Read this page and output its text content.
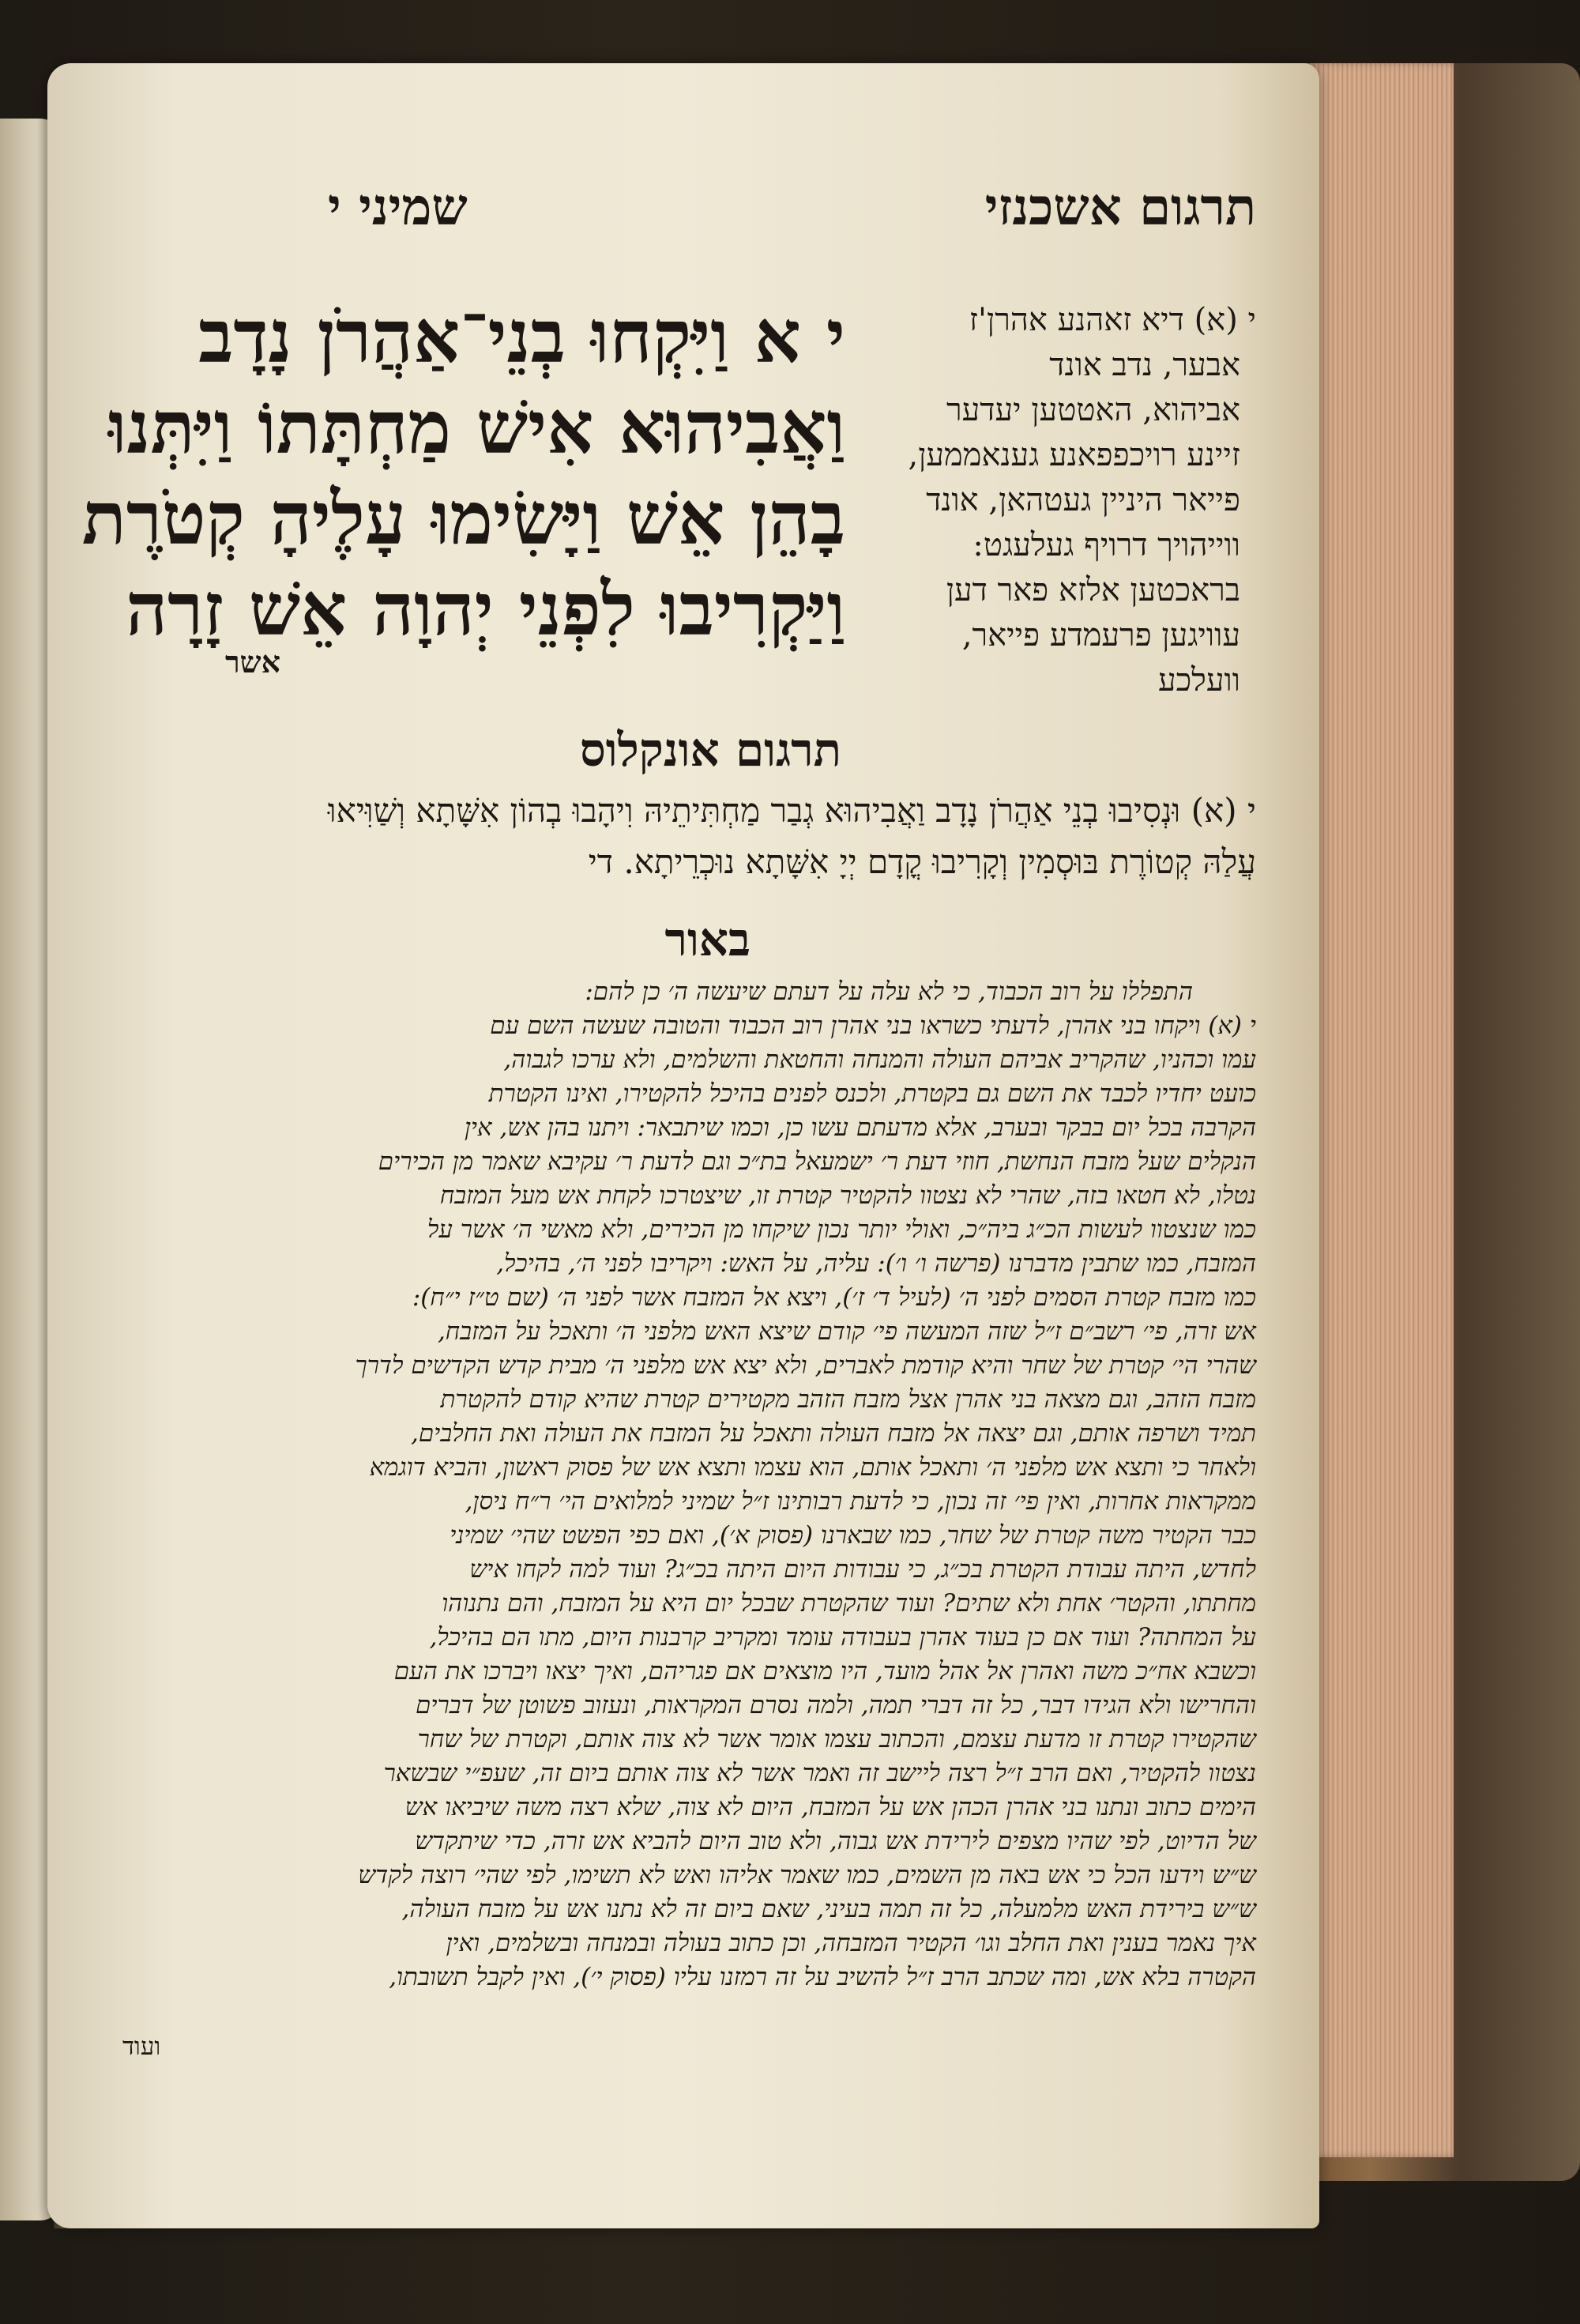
שמיני י	תרגום אשכנזי
י א וַיִּקְחוּ בְנֵי־אַהֲרֹן נָדָב
וַאֲבִיהוּא אִישׁ מַחְתָּתוֹ וַיִּתְּנוּ
בָהֵן אֵשׁ וַיָּשִׂימוּ עָלֶיהָ קְטֹרֶת
וַיַּקְרִיבוּ לִפְנֵי יְהוָה אֵשׁ זָרָה
אשר
י (א) דיא זאהנע אהרן'ז
אבער, נדב אונד
אביהוא, האטטען יעדער
זיינע רויכפפאנע גענאממען,
פייאר היניין געטהאן, אונד
ווייהויך דרויף געלעגט:
בראכטען אלזא פאר דען
עוויגען פרעמדע פייאר,
וועלכע
תרגום אונקלוס
י (א) וּנְסִיבוּ בְנֵי אַהֲרֹן נָדָב וַאֲבִיהוּא גְבַר מַחְתִּיתֵיהּ וִיהָבוּ בְהוֹן אִשָּׁתָא וְשַׁוִּיאוּ
עֲלַהּ קְטוֹרֶת בּוּסְמִין וְקָרִיבוּ קֳדָם יְיָ אִשָּׁתָא נוּכְרֵיתָא. די
באור
התפללו על רוב הכבוד, כי לא עלה על דעתם שיעשה ה׳ כן להם:
י (א) ויקחו בני אהרן, לדעתי כשראו בני אהרן רוב הכבוד והטובה שעשה השם עם
עמו וכהניו, שהקריב אביהם העולה והמנחה והחטאת והשלמים, ולא ערכו לגבוה,
כועט יחדיו לכבד את השם גם בקטרת, ולכנס לפנים בהיכל להקטירו, ואינו הקטרת
הקרבה בכל יום בבקר ובערב, אלא מדעתם עשו כן, וכמו שיתבאר: ויתנו בהן אש, אין
הנקלים שעל מזבח הנחשת, חוזי דעת ר׳ ישמעאל בת״כ וגם לדעת ר׳ עקיבא שאמר מן הכירים
נטלו, לא חטאו בזה, שהרי לא נצטוו להקטיר קטרת זו, שיצטרכו לקחת אש מעל המזבח
כמו שנצטוו לעשות הכ״ג ביה״כ, ואולי יותר נכון שיקחו מן הכירים, ולא מאשי ה׳ אשר על
המזבח, כמו שתבין מדברנו (פרשה ו׳ ו׳): עליה, על האש: ויקריבו לפני ה׳, בהיכל,
כמו מזבח קטרת הסמים לפני ה׳ (לעיל ד׳ ז׳), ויצא אל המזבח אשר לפני ה׳ (שם ט״ז י״ח):
אש זרה, פי׳ רשב״ם ז״ל שזה המעשה פי׳ קודם שיצא האש מלפני ה׳ ותאכל על המזבח,
שהרי הי׳ קטרת של שחר והיא קודמת לאברים, ולא יצא אש מלפני ה׳ מבית קדש הקדשים לדרך
מזבח הזהב, וגם מצאה בני אהרן אצל מזבח הזהב מקטירים קטרת שהיא קודם להקטרת
תמיד ושרפה אותם, וגם יצאה אל מזבח העולה ותאכל על המזבח את העולה ואת החלבים,
ולאחר כי ותצא אש מלפני ה׳ ותאכל אותם, הוא עצמו ותצא אש של פסוק ראשון, והביא דוגמא
ממקראות אחרות, ואין פי׳ זה נכון, כי לדעת רבותינו ז״ל שמיני למלואים הי׳ ר״ח ניסן,
כבר הקטיר משה קטרת של שחר, כמו שבארנו (פסוק א׳), ואם כפי הפשט שהי׳ שמיני
לחדש, היתה עבודת הקטרת בכ״ג, כי עבודות היום היתה בכ״ג? ועוד למה לקחו איש
מחתתו, והקטר׳ אחת ולא שתים? ועוד שהקטרת שבכל יום היא על המזבח, והם נתנוהו
על המחתה? ועוד אם כן בעוד אהרן בעבודה עומד ומקריב קרבנות היום, מתו הם בהיכל,
וכשבא אח״כ משה ואהרן אל אהל מועד, היו מוצאים אם פגריהם, ואיך יצאו ויברכו את העם
והחרישו ולא הגידו דבר, כל זה דברי תמה, ולמה נסרם המקראות, ונעזוב פשוטן של דברים
שהקטירו קטרת זו מדעת עצמם, והכתוב עצמו אומר אשר לא צוה אותם, וקטרת של שחר
נצטוו להקטיר, ואם הרב ז״ל רצה ליישב זה ואמר אשר לא צוה אותם ביום זה, שעפ״י שבשאר
הימים כתוב ונתנו בני אהרן הכהן אש על המזבח, היום לא צוה, שלא רצה משה שיביאו אש
של הדיוט, לפי שהיו מצפים לירידת אש גבוה, ולא טוב היום להביא אש זרה, כדי שיתקדש
ש״ש וידעו הכל כי אש באה מן השמים, כמו שאמר אליהו ואש לא תשימו, לפי שהי׳ רוצה לקדש
ש״ש בירידת האש מלמעלה, כל זה תמה בעיני, שאם ביום זה לא נתנו אש על מזבח העולה,
איך נאמר בענין ואת החלב וגו׳ הקטיר המזבחה, וכן כתוב בעולה ובמנחה ובשלמים, ואין
הקטרה בלא אש, ומה שכתב הרב ז״ל להשיב על זה רמזנו עליו (פסוק י׳), ואין לקבל תשובתו,
ועוד
